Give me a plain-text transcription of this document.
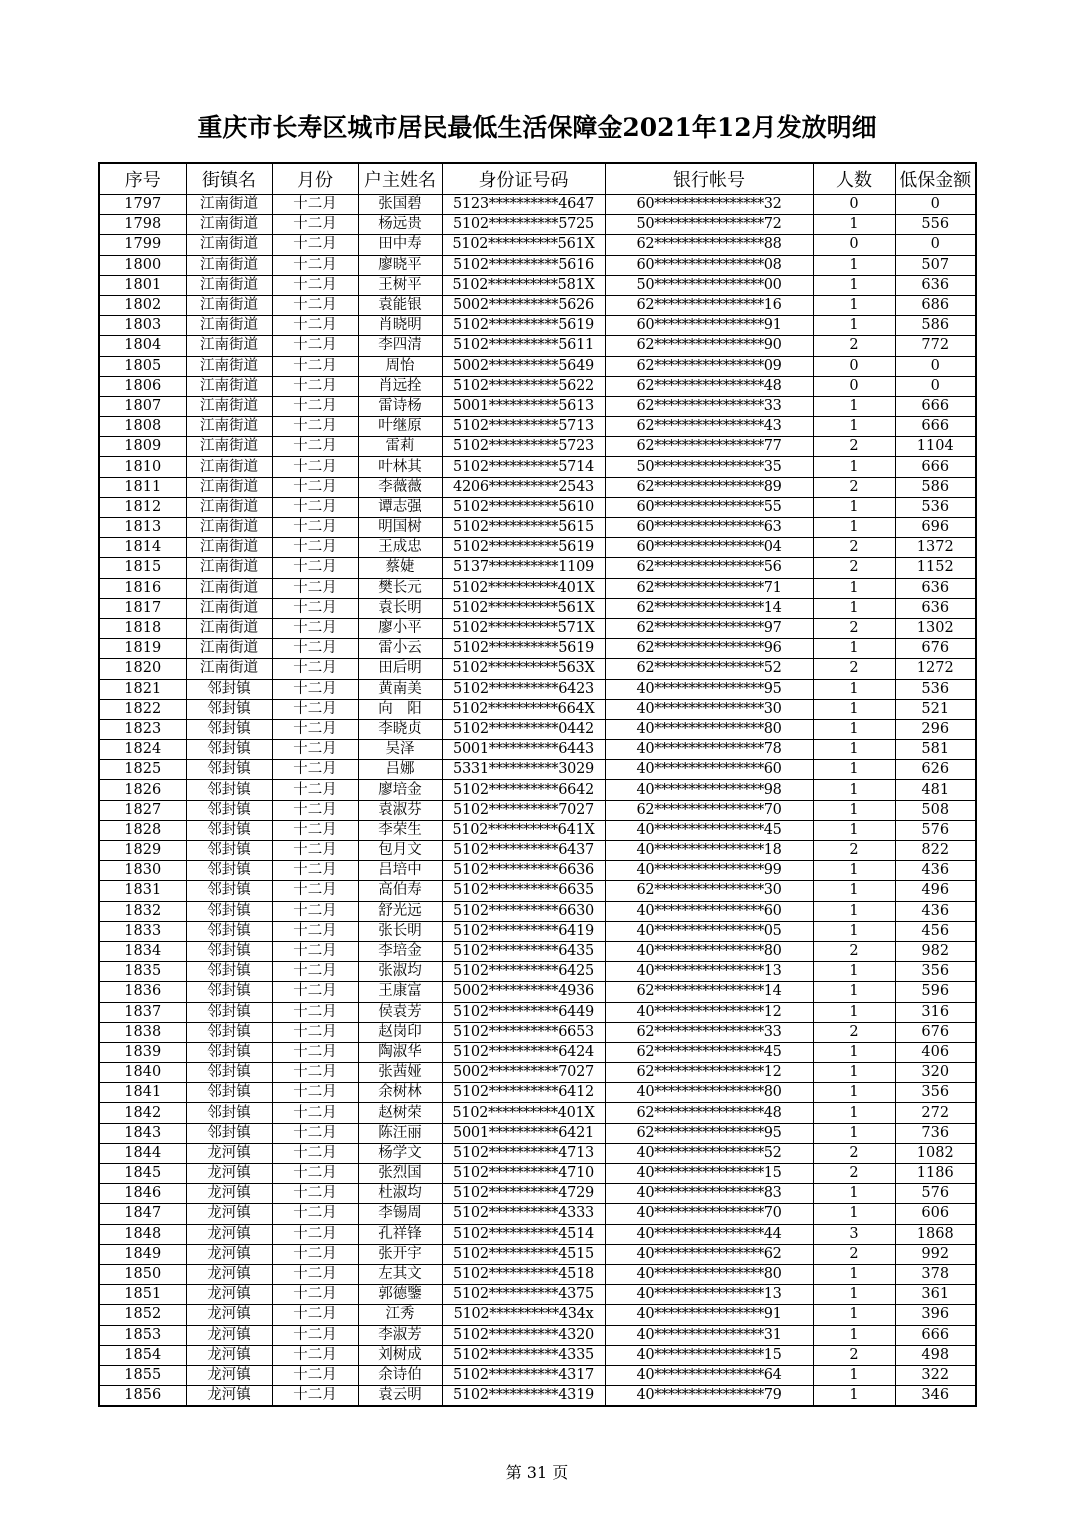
重庆市长寿区城市居民最低生活保障金2021年12月发放明细
序号	街镇名	月份	户主姓名	身份证号码	银行帐号	人数	低保金额
1797	江南街道	十二月	张国碧	5123**********4647	60****************32	0	0
1798	江南街道	十二月	杨远贵	5102**********5725	50****************72	1	556
1799	江南街道	十二月	田中寿	5102**********561X	62****************88	0	0
1800	江南街道	十二月	廖晓平	5102**********5616	60****************08	1	507
1801	江南街道	十二月	王树平	5102**********581X	50****************00	1	636
1802	江南街道	十二月	袁能银	5002**********5626	62****************16	1	686
1803	江南街道	十二月	肖晓明	5102**********5619	60****************91	1	586
1804	江南街道	十二月	李四清	5102**********5611	62****************90	2	772
1805	江南街道	十二月	周怡	5002**********5649	62****************09	0	0
1806	江南街道	十二月	肖远拴	5102**********5622	62****************48	0	0
1807	江南街道	十二月	雷诗杨	5001**********5613	62****************33	1	666
1808	江南街道	十二月	叶继原	5102**********5713	62****************43	1	666
1809	江南街道	十二月	雷莉	5102**********5723	62****************77	2	1104
1810	江南街道	十二月	叶林其	5102**********5714	50****************35	1	666
1811	江南街道	十二月	李薇薇	4206**********2543	62****************89	2	586
1812	江南街道	十二月	谭志强	5102**********5610	60****************55	1	536
1813	江南街道	十二月	明国树	5102**********5615	60****************63	1	696
1814	江南街道	十二月	王成忠	5102**********5619	60****************04	2	1372
1815	江南街道	十二月	蔡婕	5137**********1109	62****************56	2	1152
1816	江南街道	十二月	樊长元	5102**********401X	62****************71	1	636
1817	江南街道	十二月	袁长明	5102**********561X	62****************14	1	636
1818	江南街道	十二月	廖小平	5102**********571X	62****************97	2	1302
1819	江南街道	十二月	雷小云	5102**********5619	62****************96	1	676
1820	江南街道	十二月	田后明	5102**********563X	62****************52	2	1272
1821	邻封镇	十二月	黄南美	5102**********6423	40****************95	1	536
1822	邻封镇	十二月	向　阳	5102**********664X	40****************30	1	521
1823	邻封镇	十二月	李晓贞	5102**********0442	40****************80	1	296
1824	邻封镇	十二月	吴泽	5001**********6443	40****************78	1	581
1825	邻封镇	十二月	吕娜	5331**********3029	40****************60	1	626
1826	邻封镇	十二月	廖培金	5102**********6642	40****************98	1	481
1827	邻封镇	十二月	袁淑芬	5102**********7027	62****************70	1	508
1828	邻封镇	十二月	李荣生	5102**********641X	40****************45	1	576
1829	邻封镇	十二月	包月文	5102**********6437	40****************18	2	822
1830	邻封镇	十二月	吕培中	5102**********6636	40****************99	1	436
1831	邻封镇	十二月	高伯寿	5102**********6635	62****************30	1	496
1832	邻封镇	十二月	舒光远	5102**********6630	40****************60	1	436
1833	邻封镇	十二月	张长明	5102**********6419	40****************05	1	456
1834	邻封镇	十二月	李培金	5102**********6435	40****************80	2	982
1835	邻封镇	十二月	张淑均	5102**********6425	40****************13	1	356
1836	邻封镇	十二月	王康富	5002**********4936	62****************14	1	596
1837	邻封镇	十二月	侯袁芳	5102**********6449	40****************12	1	316
1838	邻封镇	十二月	赵岗印	5102**********6653	62****************33	2	676
1839	邻封镇	十二月	陶淑华	5102**********6424	62****************45	1	406
1840	邻封镇	十二月	张茜娅	5002**********7027	62****************12	1	320
1841	邻封镇	十二月	余树林	5102**********6412	40****************80	1	356
1842	邻封镇	十二月	赵树荣	5102**********401X	62****************48	1	272
1843	邻封镇	十二月	陈汪丽	5001**********6421	62****************95	1	736
1844	龙河镇	十二月	杨学文	5102**********4713	40****************52	2	1082
1845	龙河镇	十二月	张烈国	5102**********4710	40****************15	2	1186
1846	龙河镇	十二月	杜淑均	5102**********4729	40****************83	1	576
1847	龙河镇	十二月	李锡周	5102**********4333	40****************70	1	606
1848	龙河镇	十二月	孔祥锋	5102**********4514	40****************44	3	1868
1849	龙河镇	十二月	张开宇	5102**********4515	40****************62	2	992
1850	龙河镇	十二月	左其文	5102**********4518	40****************80	1	378
1851	龙河镇	十二月	郭德鑒	5102**********4375	40****************13	1	361
1852	龙河镇	十二月	江秀	5102**********434x	40****************91	1	396
1853	龙河镇	十二月	李淑芳	5102**********4320	40****************31	1	666
1854	龙河镇	十二月	刘树成	5102**********4335	40****************15	2	498
1855	龙河镇	十二月	余诗伯	5102**********4317	40****************64	1	322
1856	龙河镇	十二月	袁云明	5102**********4319	40****************79	1	346
第 31 页
